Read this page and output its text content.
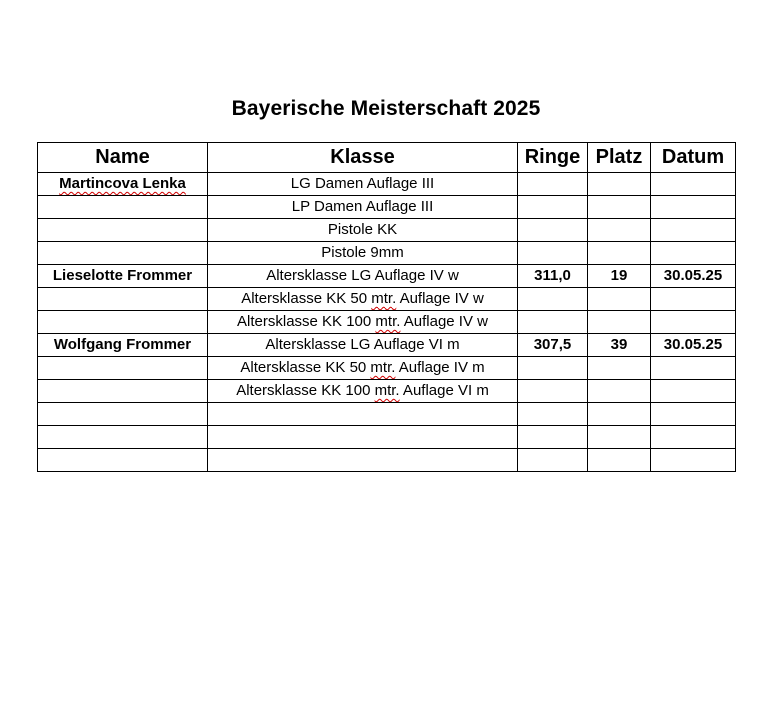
Bayerische Meisterschaft 2025
Name	Klasse	Ringe	Platz	Datum
Martincova Lenka	LG Damen Auflage III			
	LP Damen Auflage III			
	Pistole KK			
	Pistole 9mm			
Lieselotte Frommer	Altersklasse LG Auflage IV w	311,0	19	30.05.25
	Altersklasse KK 50 mtr. Auflage IV w			
	Altersklasse KK 100 mtr. Auflage IV w			
Wolfgang Frommer	Altersklasse LG Auflage VI m	307,5	39	30.05.25
	Altersklasse KK 50 mtr. Auflage IV m			
	Altersklasse KK 100 mtr. Auflage VI m			
